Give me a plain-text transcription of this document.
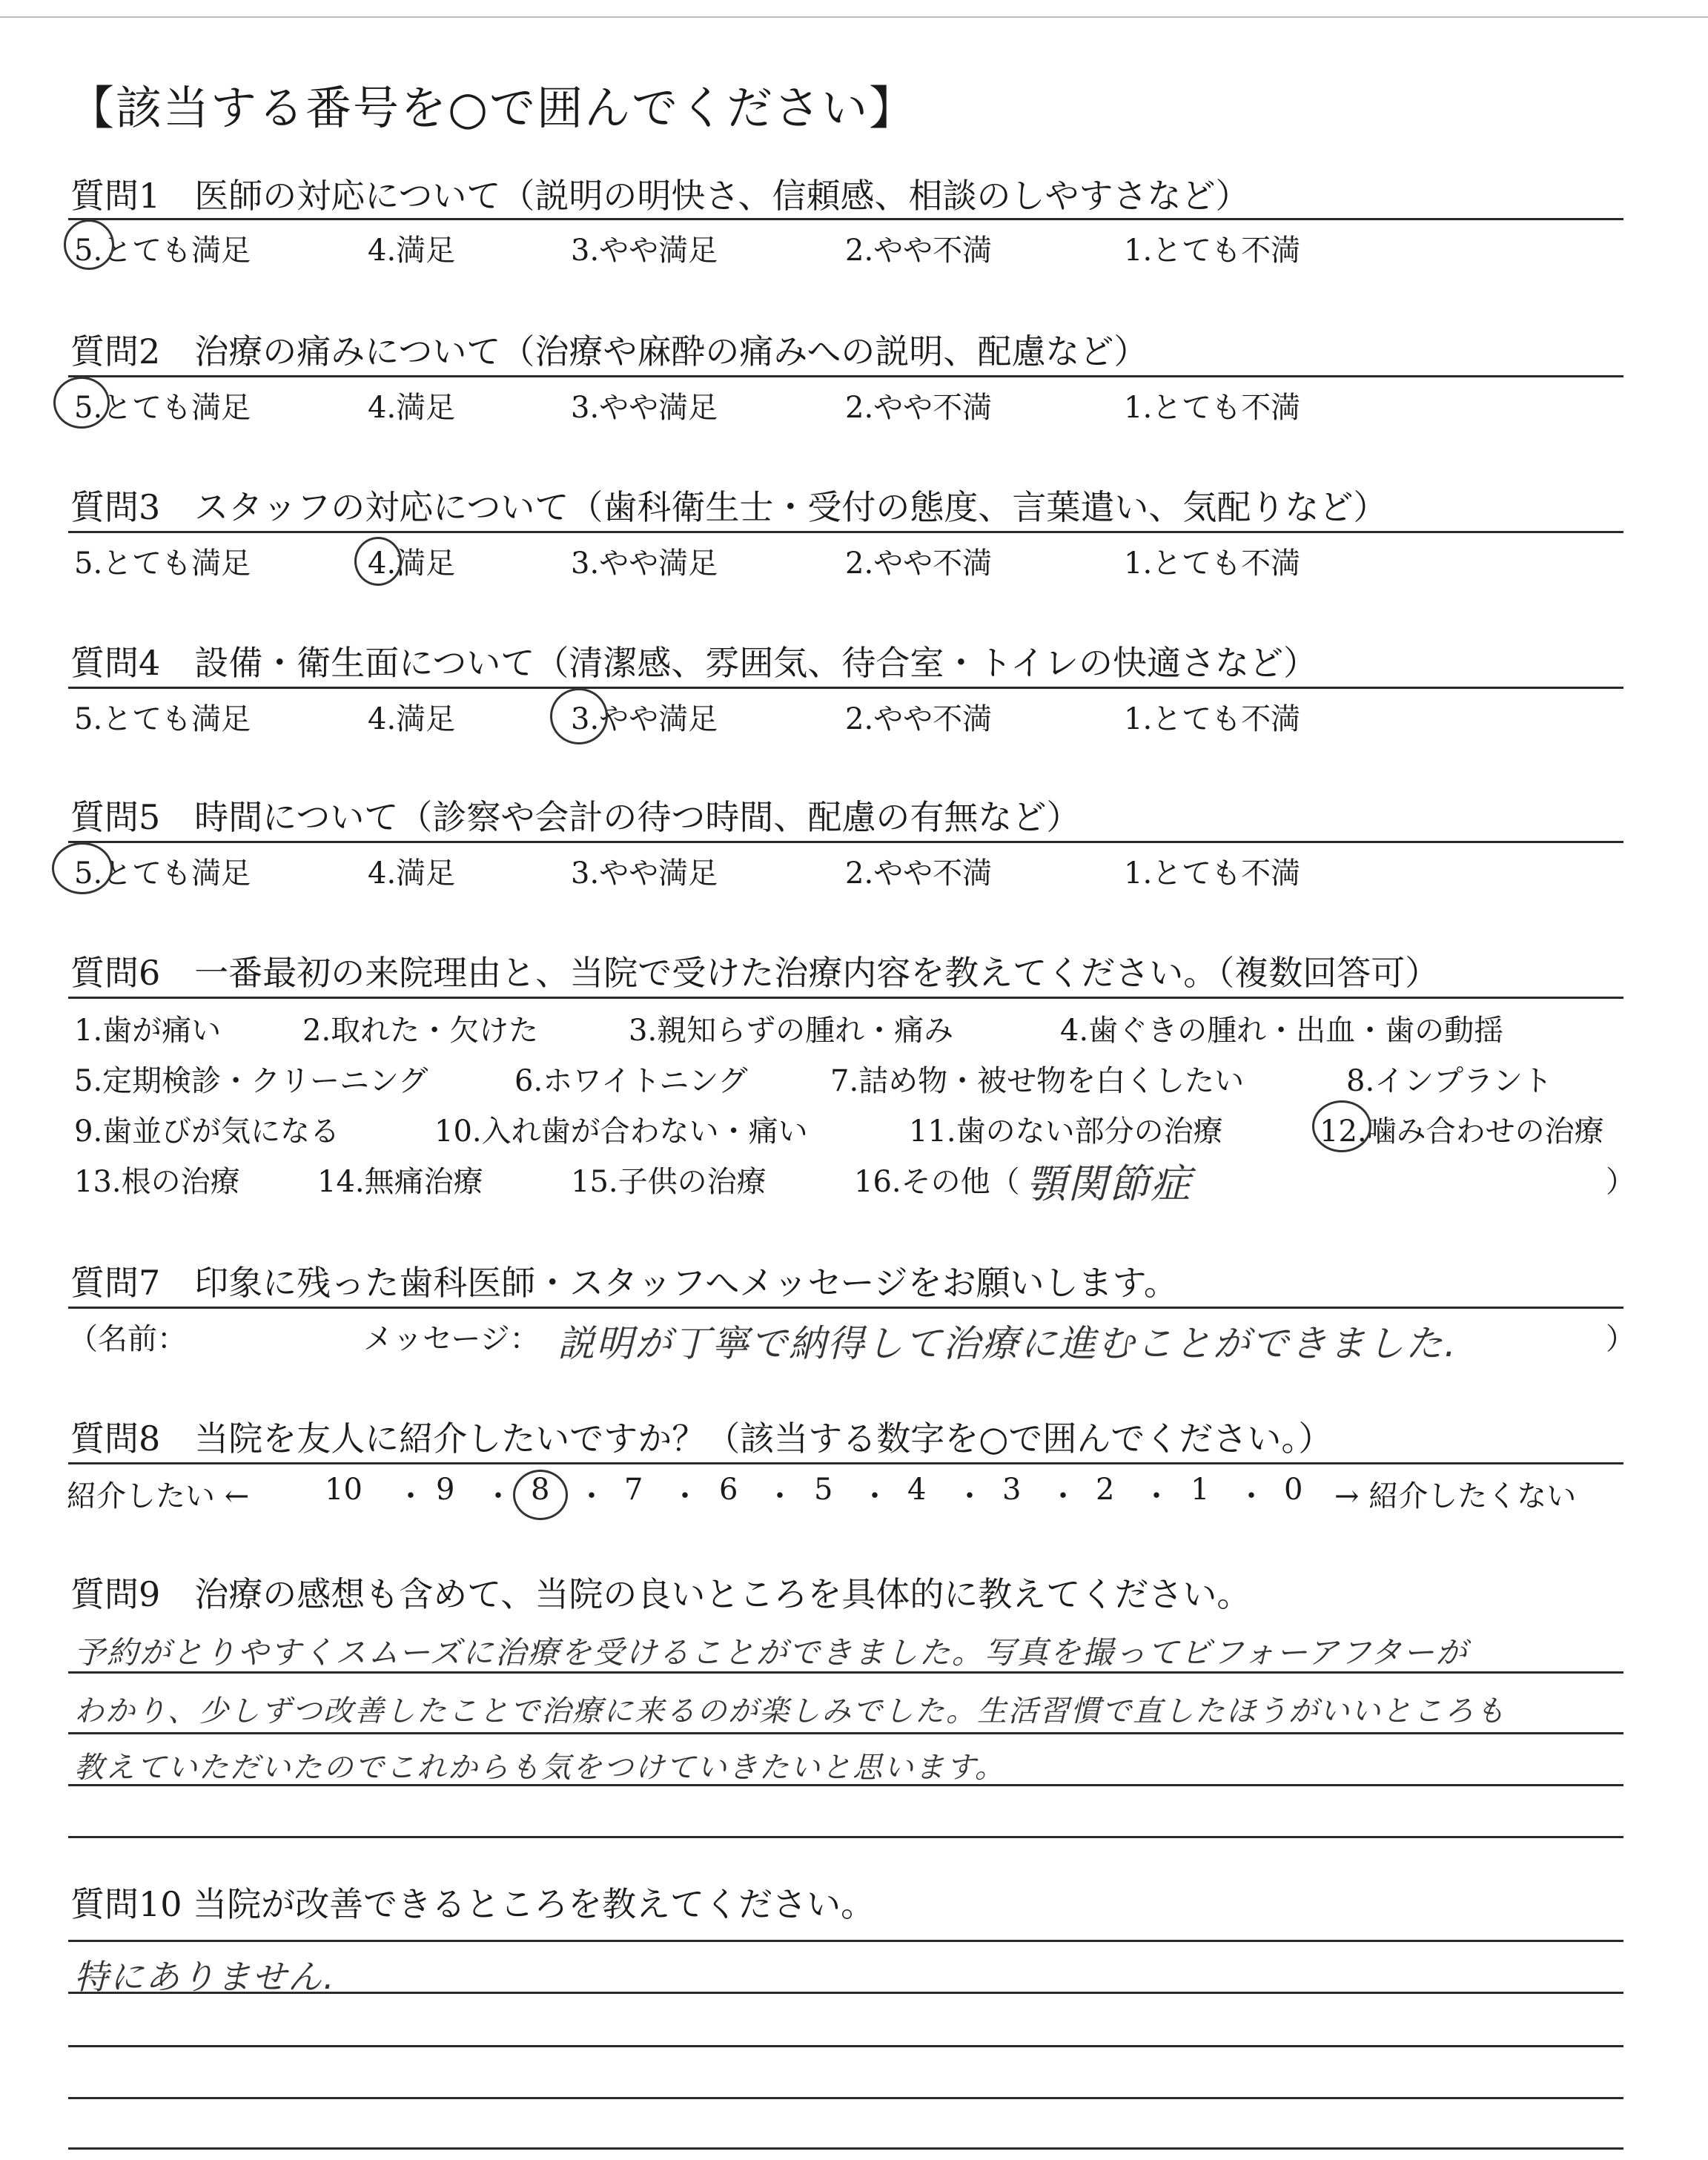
【該当する番号を○で囲んでください】
質問1　医師の対応について（説明の明快さ、信頼感、相談のしやすさなど）
5.とても満足	4.満足	3.やや満足	2.やや不満	1.とても不満
質問2　治療の痛みについて（治療や麻酔の痛みへの説明、配慮など）
5.とても満足	4.満足	3.やや満足	2.やや不満	1.とても不満
質問3　スタッフの対応について（歯科衛生士・受付の態度、言葉遣い、気配りなど）
5.とても満足	4.満足	3.やや満足	2.やや不満	1.とても不満
質問4　設備・衛生面について（清潔感、雰囲気、待合室・トイレの快適さなど）
5.とても満足	4.満足	3.やや満足	2.やや不満	1.とても不満
質問5　時間について（診察や会計の待つ時間、配慮の有無など）
5.とても満足	4.満足	3.やや満足	2.やや不満	1.とても不満
質問6　一番最初の来院理由と、当院で受けた治療内容を教えてください。（複数回答可）
1.歯が痛い	2.取れた・欠けた	3.親知らずの腫れ・痛み	4.歯ぐきの腫れ・出血・歯の動揺
5.定期検診・クリーニング	6.ホワイトニング	7.詰め物・被せ物を白くしたい	8.インプラント
9.歯並びが気になる	10.入れ歯が合わない・痛い	11.歯のない部分の治療	12.噛み合わせの治療
13.根の治療	14.無痛治療	15.子供の治療	16.その他（ 顎関節症	）
質問7　印象に残った歯科医師・スタッフへメッセージをお願いします。
（名前：	メッセージ： 説明が丁寧で納得して治療に進むことができました.	）
質問8　当院を友人に紹介したいですか？（該当する数字を○で囲んでください。）
紹介したい ←	10 ・ 9 ・ 8 ・ 7 ・ 6 ・ 5 ・ 4 ・ 3 ・ 2 ・ 1 ・ 0 → 紹介したくない
質問9　治療の感想も含めて、当院の良いところを具体的に教えてください。
予約がとりやすくスムーズに治療を受けることができました。写真を撮ってビフォーアフターが
わかり、少しずつ改善したことで治療に来るのが楽しみでした。生活習慣で直したほうがいいところも
教えていただいたのでこれからも気をつけていきたいと思います。
質問10 当院が改善できるところを教えてください。
特にありません.
